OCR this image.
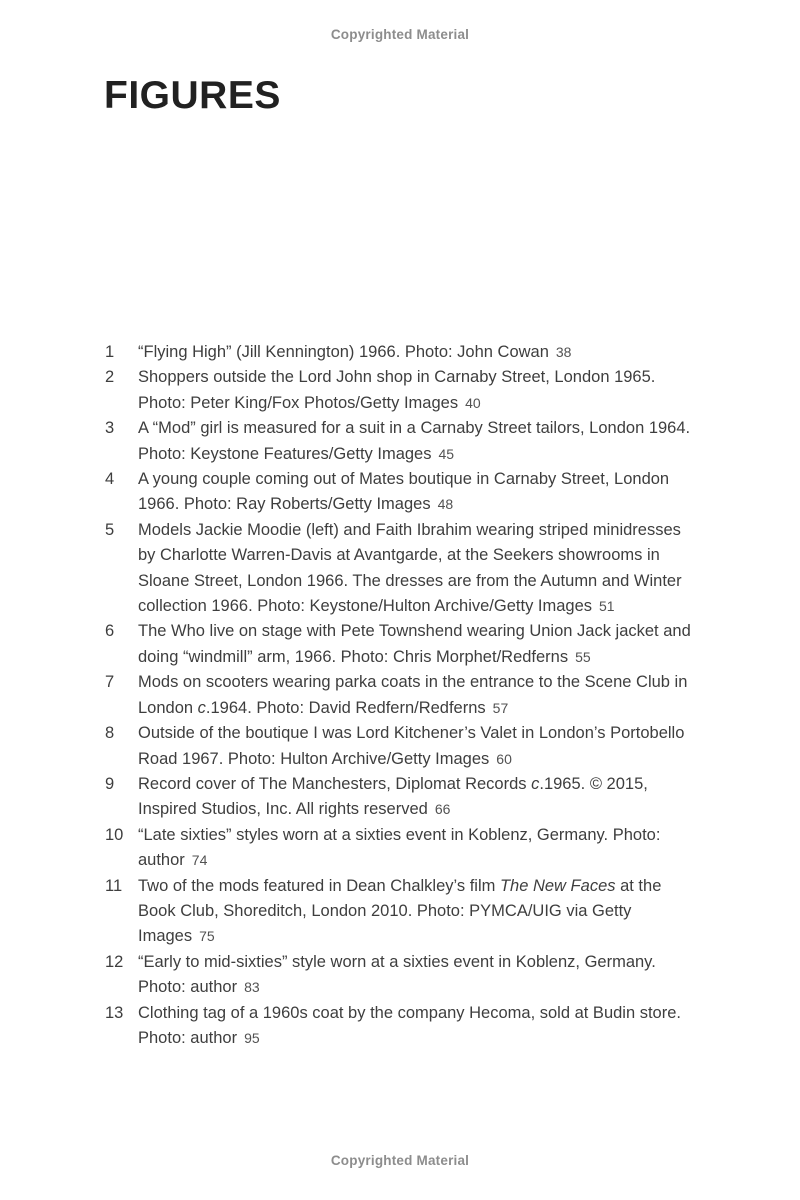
Copyrighted Material
FIGURES
1 “Flying High” (Jill Kennington) 1966. Photo: John Cowan 38
2 Shoppers outside the Lord John shop in Carnaby Street, London 1965. Photo: Peter King/Fox Photos/Getty Images 40
3 A “Mod” girl is measured for a suit in a Carnaby Street tailors, London 1964. Photo: Keystone Features/Getty Images 45
4 A young couple coming out of Mates boutique in Carnaby Street, London 1966. Photo: Ray Roberts/Getty Images 48
5 Models Jackie Moodie (left) and Faith Ibrahim wearing striped minidresses by Charlotte Warren-Davis at Avantgarde, at the Seekers showrooms in Sloane Street, London 1966. The dresses are from the Autumn and Winter collection 1966. Photo: Keystone/Hulton Archive/Getty Images 51
6 The Who live on stage with Pete Townshend wearing Union Jack jacket and doing “windmill” arm, 1966. Photo: Chris Morphet/Redferns 55
7 Mods on scooters wearing parka coats in the entrance to the Scene Club in London c.1964. Photo: David Redfern/Redferns 57
8 Outside of the boutique I was Lord Kitchener’s Valet in London’s Portobello Road 1967. Photo: Hulton Archive/Getty Images 60
9 Record cover of The Manchesters, Diplomat Records c.1965. © 2015, Inspired Studios, Inc. All rights reserved 66
10 “Late sixties” styles worn at a sixties event in Koblenz, Germany. Photo: author 74
11 Two of the mods featured in Dean Chalkley’s film The New Faces at the Book Club, Shoreditch, London 2010. Photo: PYMCA/UIG via Getty Images 75
12 “Early to mid-sixties” style worn at a sixties event in Koblenz, Germany. Photo: author 83
13 Clothing tag of a 1960s coat by the company Hecoma, sold at Budin store. Photo: author 95
Copyrighted Material
